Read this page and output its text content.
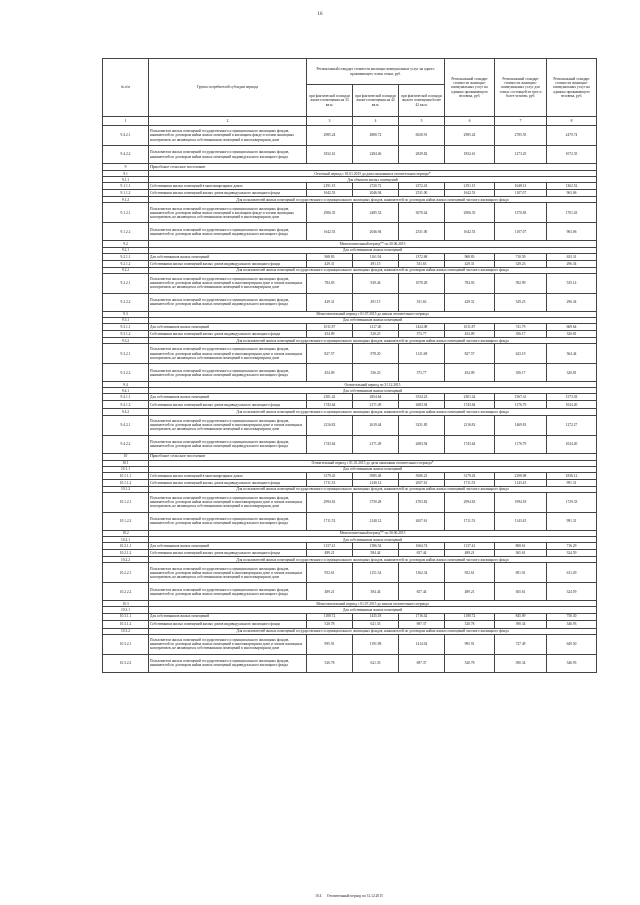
16
№ п/п	Группа потребителей субсидии периода	Региональный стандарт стоимости жилищно-коммунальных услуг на одного проживающего члена семьи, руб.			Региональный стандарт стоимости жилищно-коммунальных услуг на одиноко проживающего человека, руб.	Региональный стандарт стоимости жилищно-коммунальных услуг для семьи, состоящей из трех и более человек, руб.	Региональный стандарт стоимости жилищно-коммунальных услуг на одиноко проживающего человека, руб.
		при фактической площади жилого помещения на 33 кв.м.	при фактической площади жилого помещения на 42 кв.м.	при фактической площади жилого помещения более 42 кв.м.			
1	2	3	4	5	6	7	8
9.4.2.1	Пользователи жилых помещений государственного и муниципального жилищных фондов, нанимателей по договорам найма жилых помещений в жилищном фонде и членов жилищных кооперативов, не являющихся собственниками помещений в многоквартирном доме	2985.24	4880.72	6020.91	2985.24	2785.55	2479.74
9.4.2.2	Пользователи жилых помещений государственного и муниципального жилищных фондов, нанимателей по договорам найма жилых помещений индивидуального жилищного фонда	1832.61	2284.46	2829.82	1832.61	1273.25	1072.35
9	Приобское сельское поселение						
9.1	Отчетный период с 01.01.2015 до даты окончания в отопительном периоде*						
9.1.1	Для объектов жилых помещений						
9.1.1.1	Собственники жилых помещений в многоквартирных домах	2191.15	2720.72	2372.43	2191.15	1648.13	1362.52
9.1.1.2	Собственники жилых помещений жилых домов индивидуального жилищного фонда	1642.53	2046.94	2531.00	1642.53	1107.07	963.06
9.1.2	Для пользователей жилых помещений государственного и муниципального жилищных фондов, нанимателей по договорам найма жилых помещений частного жилищного фонда						
9.1.2.1	Пользователи жилых помещений государственного и муниципального жилищных фондов, нанимателей по договорам найма жилых помещений в жилищном фонде и членов жилищных кооперативов, не являющихся собственниками помещений в многоквартирном доме	2906.35	2485.52	3070.44	2906.35	1370.83	1701.43
9.1.2.2	Пользователи жилых помещений государственного и муниципального жилищных фондов, нанимателей по договорам найма жилых помещений индивидуального жилищного фонда	1642.53	2046.94	2531.00	1642.53	1107.07	963.06
9.2	Межотопительный период** по 30.06.2015						
9.2.1	Для собственников жилых помещений						
9.2.1.1	Для собственников жилых помещений	968.83	1161.94	1372.68	968.83	710.59	633.31
9.2.1.2	Собственники жилых помещений жилых домов индивидуального жилищного фонда	429.31	491.15	531.63	429.31	329.23	296.34
9.2.2	Для пользователей жилых помещений государственного и муниципального жилищных фондов, нанимателей по договорам найма жилых помещений частного жилищного фонда						
9.2.2.1	Пользователи жилых помещений государственного и муниципального жилищных фондов, нанимателей по договорам найма жилых помещений в многоквартирном доме и членов жилищных кооперативов, не являющихся собственниками помещений в многоквартирном доме	784.03	929.44	1070.28	784.03	592.99	535.14
9.2.2.2	Пользователи жилых помещений государственного и муниципального жилищных фондов, нанимателей по договорам найма жилых помещений индивидуального жилищного фонда	429.31	491.15	531.63	429.31	329.23	296.34
9.3	Межотопительный период с 01.07.2015 до начала отопительного периода						
9.3.1	Для собственников жилых помещений						
9.3.1.1	Для собственников жилых помещений	1011.87	1217.40	1424.08	1011.87	741.79	669.64
9.3.1.2	Собственники жилых помещений жилых домов индивидуального жилищного фонда	454.09	520.25	573.77	454.09	356.17	320.81
9.3.2	Для пользователей жилых помещений государственного и муниципального жилищных фондов, нанимателей по договорам найма жилых помещений частного жилищного фонда						
9.3.2.1	Пользователи жилых помещений государственного и муниципального жилищных фондов, нанимателей по договорам найма жилых помещений в многоквартирном доме и членов жилищных кооперативов, не являющихся собственниками помещений в многоквартирном доме	827.57	978.20	1121.68	827.57	623.19	564.44
9.3.2.2	Пользователи жилых помещений государственного и муниципального жилищных фондов, нанимателей по договорам найма жилых помещений индивидуального жилищного фонда	454.09	536.25	573.77	454.09	356.17	320.81
9.4	Отопительный период по 31.12.2015						
9.4.1	Для собственников жилых помещений						
9.4.1.1	Для собственников жилых помещений	2301.42	2854.64	3534.23	2301.42	1567.41	1573.03
9.4.1.2	Собственники жилых помещений жилых домов индивидуального жилищного фонда	1743.64	2171.49	2683.94	1743.64	1176.79	1024.20
9.4.2	Для пользователей жилых помещений государственного и муниципального жилищных фондов, нанимателей по договорам найма жилых помещений частного жилищного фонда						
9.4.2.1	Пользователи жилых помещений государственного и муниципального жилищных фондов, нанимателей по договорам найма жилых помещений в многоквартирном доме и членов жилищных кооперативов, не являющихся собственниками помещений в многоквартирном доме	2116.82	2619.44	3231.85	2116.82	1469.81	1272.27
9.4.2.2	Пользователи жилых помещений государственного и муниципального жилищных фондов, нанимателей по договорам найма жилых помещений индивидуального жилищного фонда	1743.64	2171.49	2683.94	1743.64	1176.79	1024.20
10	Приобское сельское поселение						
10.1	Отопительный период с 01.01.2015 до даты окончания отопительного периода*						
10.1.1	Для собственников жилых помещений						
10.1.1.1	Собственники жилых помещений в многоквартирных домах	3179.43	3985.48	5006.23	3179.43	2108.08	1836.12
10.1.1.2	Собственники жилых помещений жилых домов индивидуального жилищного фонда	1711.53	2140.12	2657.61	1711.53	1143.45	991.31
10.1.2	Для пользователей жилых помещений государственного и муниципального жилищных фондов, нанимателей по договорам найма жилых помещений частного жилищного фонда						
10.1.2.1	Пользователи жилых помещений государственного и муниципального жилищных фондов, нанимателей по договорам найма жилых помещений в многоквартирном доме и членов жилищных кооперативов, не являющихся собственниками помещений в многоквартирном доме	2994.63	3750.28	4703.82	2994.63	1994.18	1729.33
10.1.2.2	Пользователи жилых помещений государственного и муниципального жилищных фондов, нанимателей по договорам найма жилых помещений индивидуального жилищного фонда	1711.53	2140.12	2657.61	1711.53	1143.45	991.31
10.2	Межотопительный период** по 30.06.2015						
10.2.1	Для собственников жилых помещений						
10.2.1.1	Для собственников жилых помещений	1137.41	1386.54	1664.74	1137.41	808.61	716.29
10.2.1.2	Собственники жилых помещений жилых домов индивидуального жилищного фонда	489.21	584.44	657.44	489.21	365.61	324.59
10.2.2	Для пользователей жилых помещений государственного и муниципального жилищных фондов, нанимателей по договорам найма жилых помещений частного жилищного фонда						
10.2.2.1	Пользователи жилых помещений государственного и муниципального жилищных фондов, нанимателей по договорам найма жилых помещений в многоквартирном доме и членов жилищных кооперативов, не являющихся собственниками помещений в многоквартирном доме	952.61	1151.34	1362.34	952.61	691.01	611.49
10.2.2.2	Пользователи жилых помещений государственного и муниципального жилищных фондов, нанимателей по договорам найма жилых помещений индивидуального жилищного фонда	489.21	584.44	657.44	489.21	365.61	324.59
10.3	Межотопительный период с 01.07.2015 до начала отопительного периода						
10.3.1	Для собственников жилых помещений						
10.3.1.1	Для собственников жилых помещений	1180.72	1435.18	1716.42	1180.72	845.09	750.30
10.3.1.2	Собственники жилых помещений жилых домов индивидуального жилищного фонда	520.78	621.33	697.37	520.78	390.34	346.93
10.3.2	Для пользователей жилых помещений государственного и муниципального жилищных фондов, нанимателей по договорам найма жилых помещений частного жилищного фонда						
10.3.2.1	Пользователи жилых помещений государственного и муниципального жилищных фондов, нанимателей по договорам найма жилых помещений в многоквартирном доме и членов жилищных кооперативов, не являющихся собственниками помещений в многоквартирном доме	995.91	1191.98	1414.02	995.91	727.49	649.50
10.3.2.2	Пользователи жилых помещений государственного и муниципального жилищных фондов, нанимателей по договорам найма жилых помещений индивидуального жилищного фонда	520.78	621.33	697.37	520.78	390.34	346.93
10.4 Отопительный период по 31.12.2015
